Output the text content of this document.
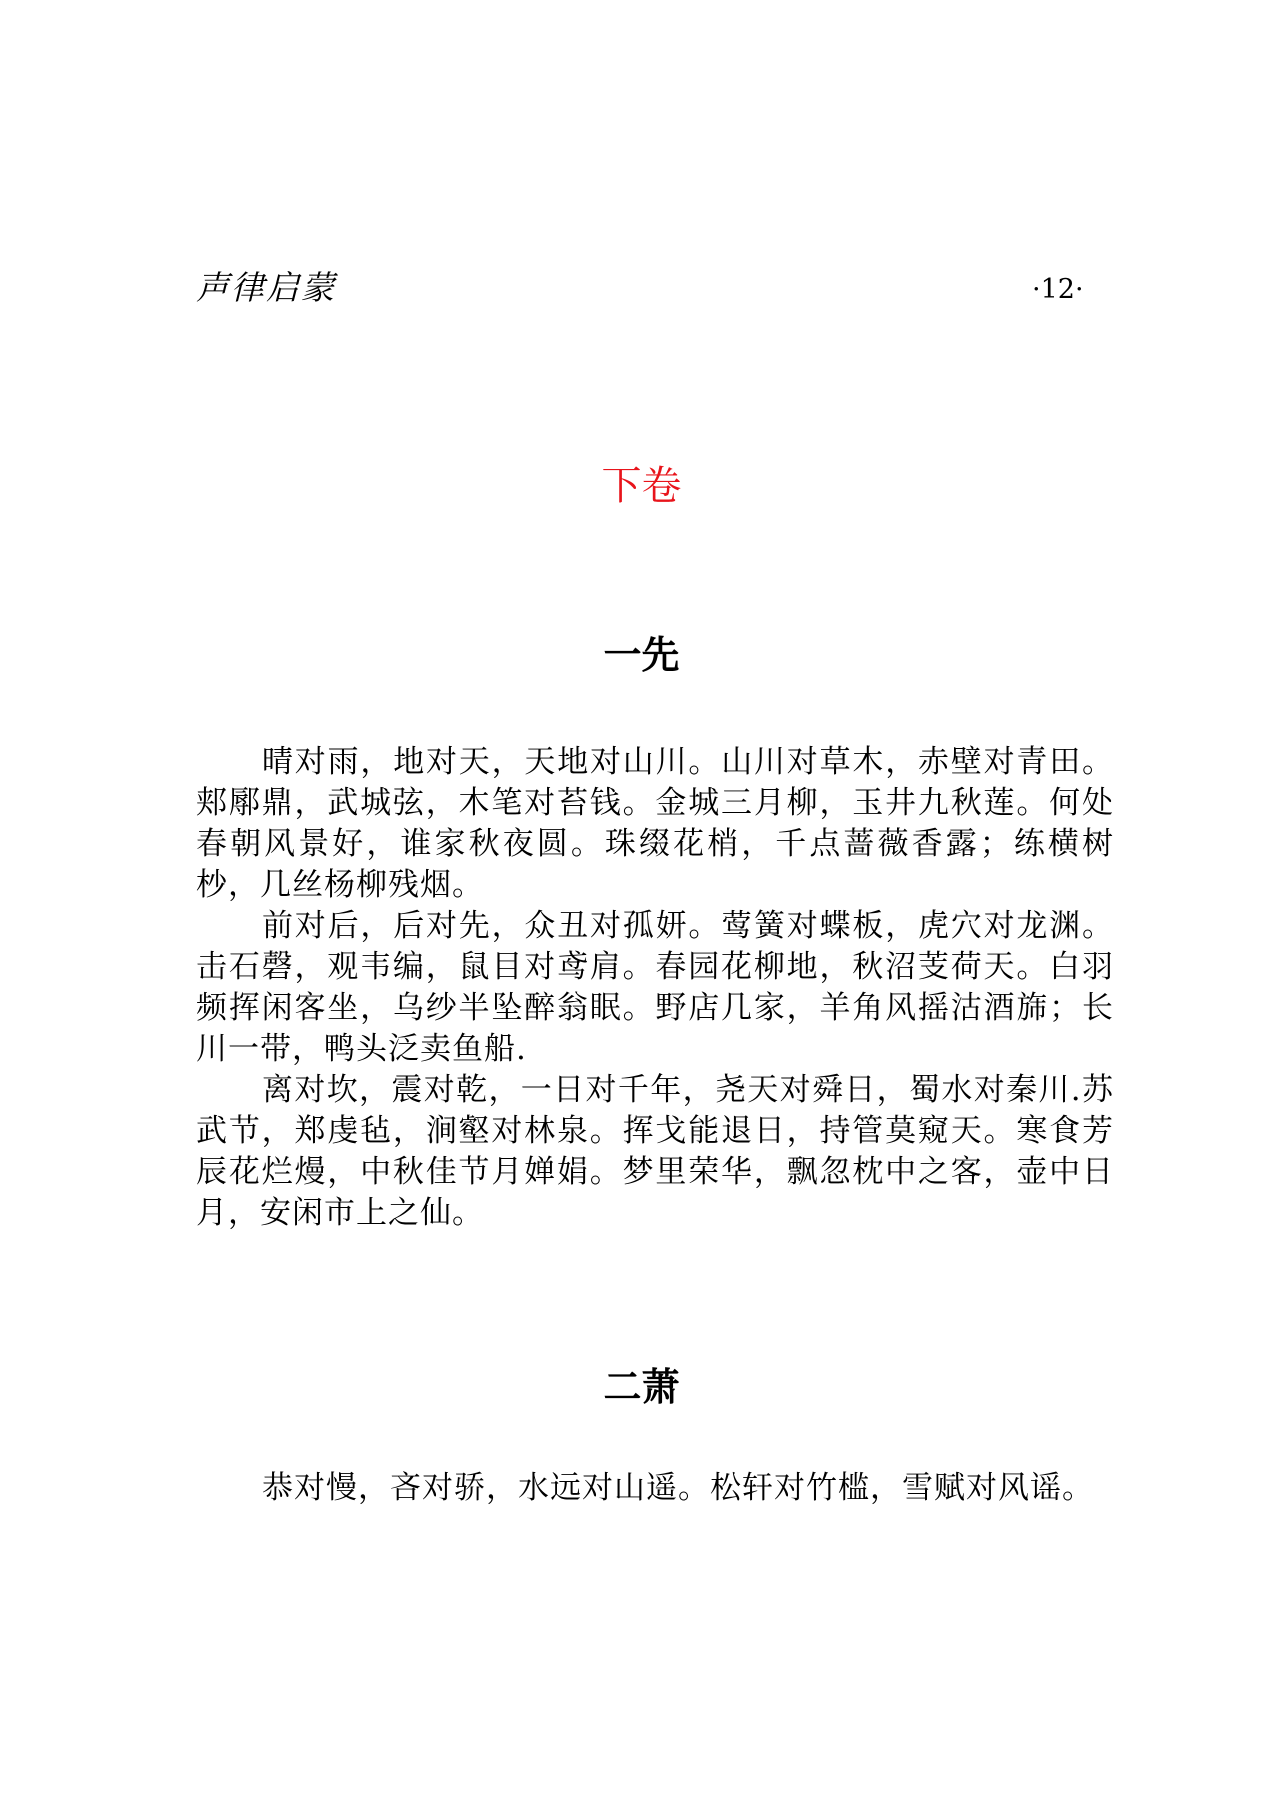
声律启蒙	·12·
下卷
一先

晴对雨，地对天，天地对山川。山川对草木，赤壁对青田。郏鄏鼎，武城弦，木笔对苔钱。金城三月柳，玉井九秋莲。何处春朝风景好，谁家秋夜圆。珠缀花梢，千点蔷薇香露；练横树杪，几丝杨柳残烟。

前对后，后对先，众丑对孤妍。莺簧对蝶板，虎穴对龙渊。击石磬，观韦编，鼠目对鸢肩。春园花柳地，秋沼芰荷天。白羽频挥闲客坐，乌纱半坠醉翁眠。野店几家，羊角风摇沽酒旆；长川一带，鸭头泛卖鱼船.

离对坎，震对乾，一日对千年，尧天对舜日，蜀水对秦川.苏武节，郑虔毡，涧壑对林泉。挥戈能退日，持管莫窥天。寒食芳辰花烂熳，中秋佳节月婵娟。梦里荣华，飘忽枕中之客，壶中日月，安闲市上之仙。

二萧

恭对慢，吝对骄，水远对山遥。松轩对竹槛，雪赋对风谣。
